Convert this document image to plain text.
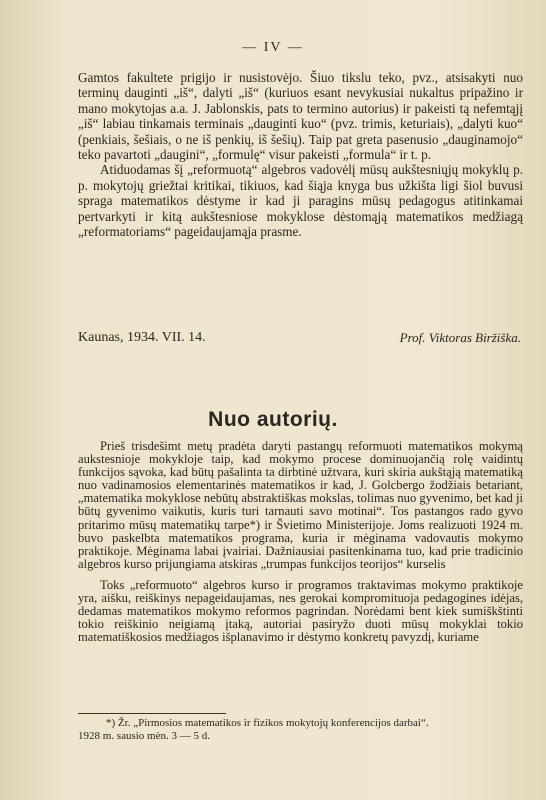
— IV —

Gamtos fakultete prigijo ir nusistovėjo. Šiuo tikslu teko, pvz., atsisakyti nuo terminų dauginti „iš“, dalyti „iš“ (kuriuos esant nevykusiai nukaltus pripažino ir mano mokytojas a.a. J. Jablonskis, pats to termino autorius) ir pakeisti tą nefemtąjį „iš“ labiau tinkamais terminais „dauginti kuo“ (pvz. trimis, keturiais), „dalyti kuo“ (penkiais, šešiais, o ne iš penkių, iš šešių). Taip pat greta pasenusio „dauginamojo“ teko pavartoti „daugini“, „formulę“ visur pakeisti „formula“ ir t. p.

Atiduodamas šį „reformuotą“ algebros vadovėlį mūsų aukštesniųjų mokyklų p. p. mokytojų griežtai kritikai, tikiuos, kad šiąja knyga bus užkišta ligi šiol buvusi spraga matematikos dėstyme ir kad ji paragins mūsų pedagogus atitinkamai pertvarkyti ir kitą aukštesniose mokyklose dėstomąją matematikos medžiagą „reformatoriams“ pageidaujamąja prasme.

Kaunas, 1934. VII. 14.	Prof. Viktoras Biržiška.
Nuo autorių.

Prieš trisdešimt metų pradėta daryti pastangų reformuoti matematikos mokymą aukstesnioje mokykloje taip, kad mokymo procese dominuojančią rolę vaidintų funkcijos sąvoka, kad būtų pašalinta ta dirbtinė užtvara, kuri skiria aukštąją matematiką nuo vadinamosios elementarinės matematikos ir kad, J. Golcbergo žodžiais betariant, „matematika mokyklose nebūtų abstraktiškas mokslas, tolimas nuo gyvenimo, bet kad ji būtų gyvenimo vaikutis, kuris turi tarnauti savo motinai“. Tos pastangos rado gyvo pritarimo mūsų matematikų tarpe*) ir Švietimo Ministerijoje. Joms realizuoti 1924 m. buvo paskelbta matematikos programa, kuria ir mėginama vadovautis mokymo praktikoje. Mėginama labai įvairiai. Dažniausiai pasitenkinama tuo, kad prie tradicinio algebros kurso prijungiama atskiras „trumpas funkcijos teorijos“ kurselis

Toks „reformuoto“ algebros kurso ir programos traktavimas mokymo praktikoje yra, aišku, reiškinys nepageidaujamas, nes gerokai kompromituoja pedagogines idėjas, dedamas matematikos mokymo reformos pagrindan. Norėdami bent kiek sumiškštinti tokio reiškinio neigiamą įtaką, autoriai pasiryžo duoti mūsų mokyklai tokio matematiškosios medžiagos išplanavimo ir dėstymo konkretų pavyzdį, kuriame

*) Žr. „Pirmosios matematikos ir fizikos mokytojų konferencijos darbai“.
1928 m. sausio mėn. 3 — 5 d.
